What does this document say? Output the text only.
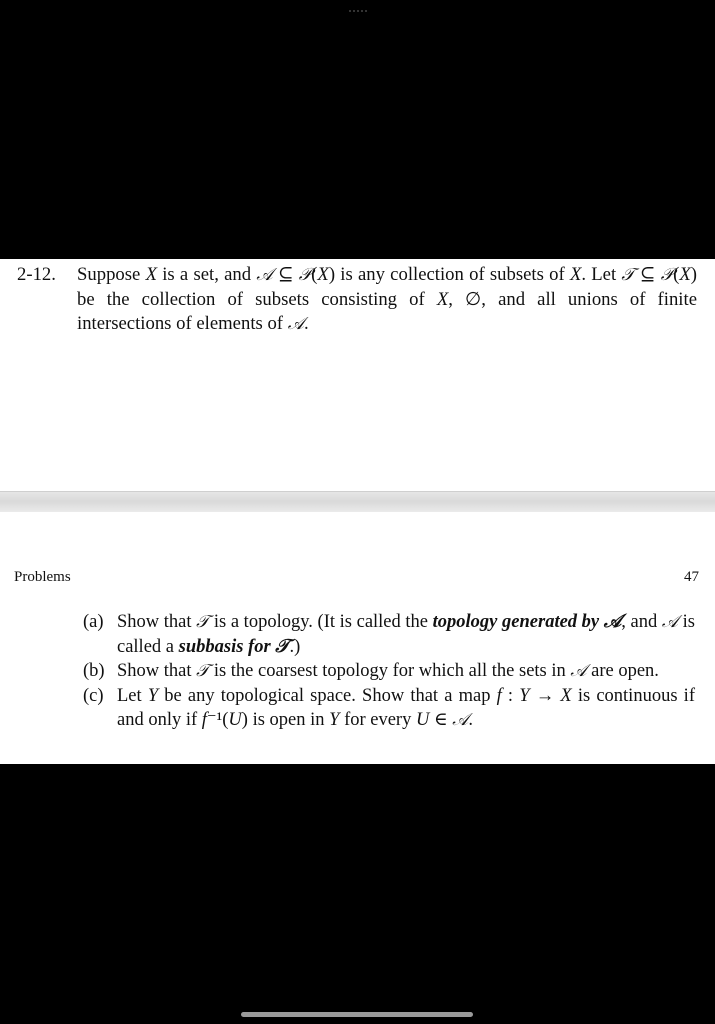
2-12.	Suppose X is a set, and 𝒜 ⊆ 𝒫(X) is any collection of subsets of X. Let 𝒯 ⊆ 𝒫(X) be the collection of subsets consisting of X, ∅, and all unions of finite intersections of elements of 𝒜.
Problems	47
(a) Show that 𝒯 is a topology. (It is called the topology generated by 𝒜, and 𝒜 is called a subbasis for 𝒯.)
(b) Show that 𝒯 is the coarsest topology for which all the sets in 𝒜 are open.
(c) Let Y be any topological space. Show that a map f : Y → X is continuous if and only if f⁻¹(U) is open in Y for every U ∈ 𝒜.
